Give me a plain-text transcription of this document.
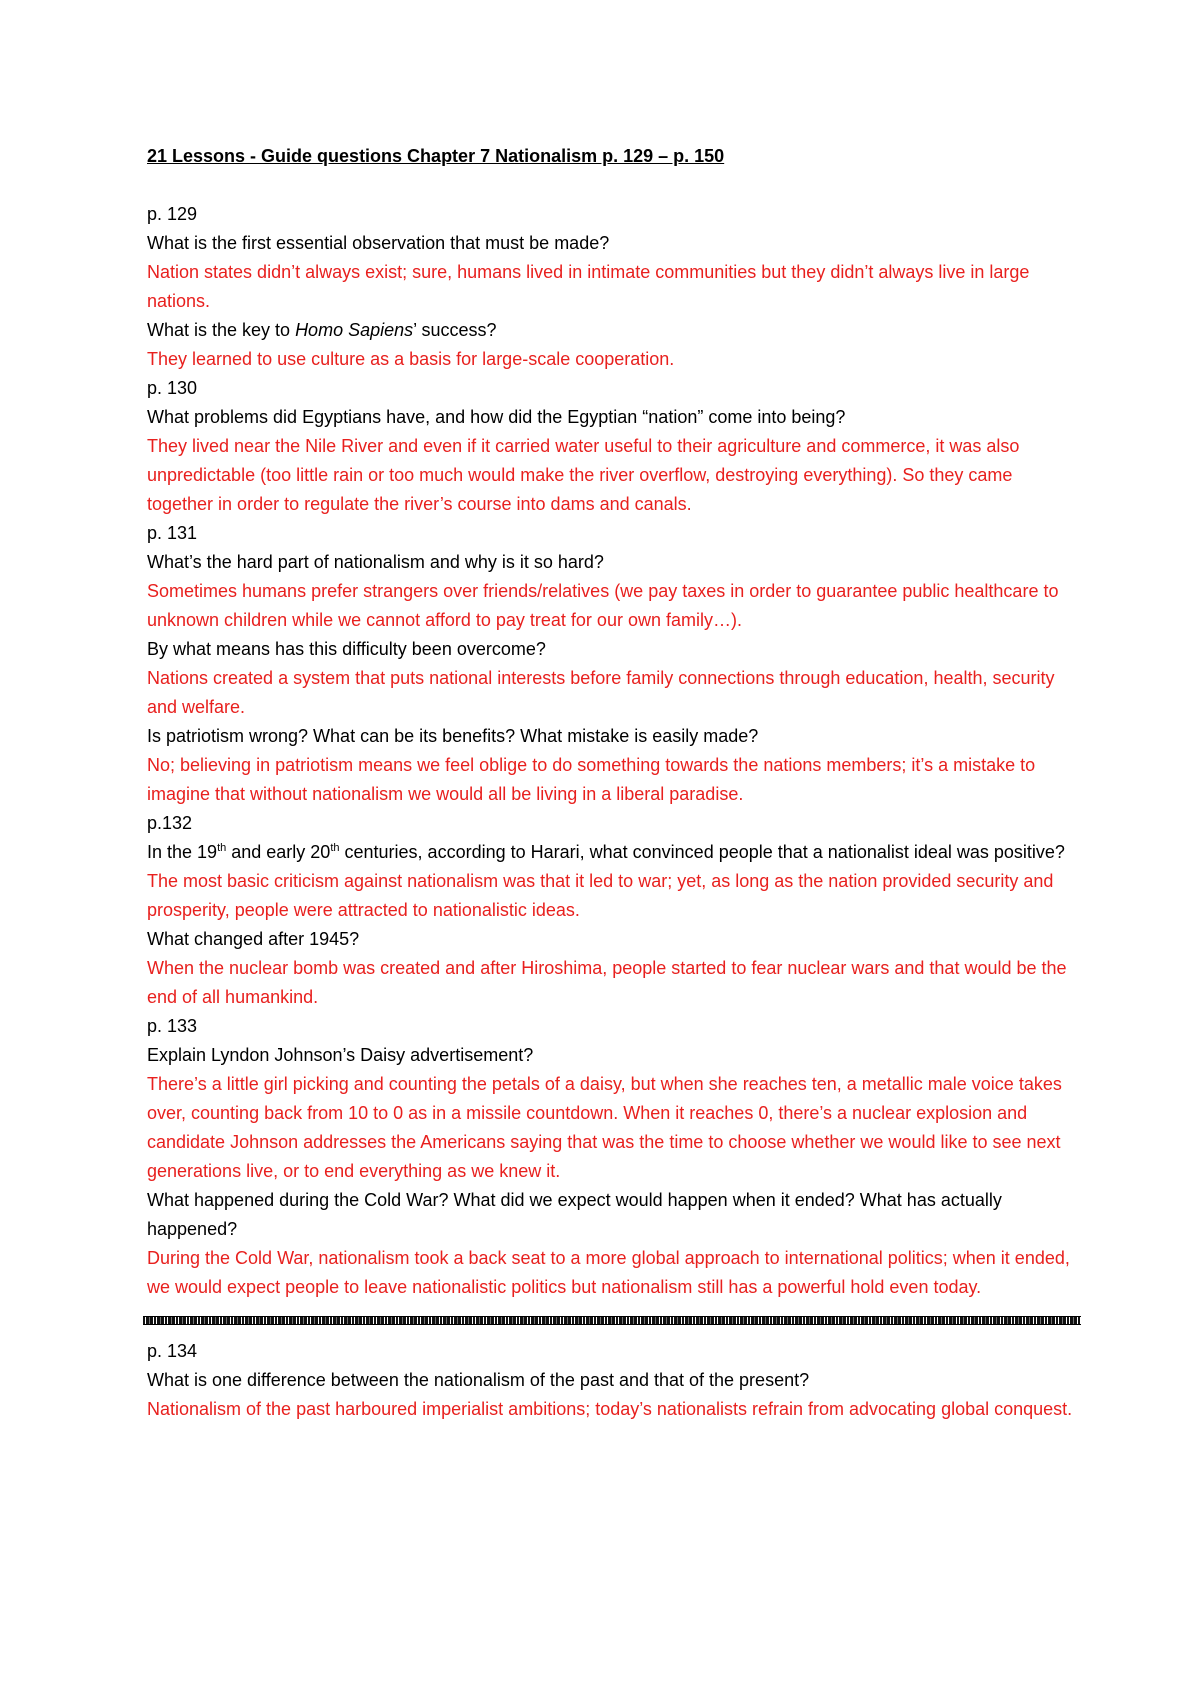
21 Lessons - Guide questions Chapter 7 Nationalism p. 129 – p. 150
p. 129
What is the first essential observation that must be made?
Nation states didn’t always exist; sure, humans lived in intimate communities but they didn’t always live in large nations.
What is the key to Homo Sapiens’ success?
They learned to use culture as a basis for large-scale cooperation.
p. 130
What problems did Egyptians have, and how did the Egyptian “nation” come into being?
They lived near the Nile River and even if it carried water useful to their agriculture and commerce, it was also unpredictable (too little rain or too much would make the river overflow, destroying everything). So they came together in order to regulate the river’s course into dams and canals.
p. 131
What’s the hard part of nationalism and why is it so hard?
Sometimes humans prefer strangers over friends/relatives (we pay taxes in order to guarantee public healthcare to unknown children while we cannot afford to pay treat for our own family…).
By what means has this difficulty been overcome?
Nations created a system that puts national interests before family connections through education, health, security and welfare.
Is patriotism wrong? What can be its benefits? What mistake is easily made?
No; believing in patriotism means we feel oblige to do something towards the nations members; it’s a mistake to imagine that without nationalism we would all be living in a liberal paradise.
p.132
In the 19th and early 20th centuries, according to Harari, what convinced people that a nationalist ideal was positive?
The most basic criticism against nationalism was that it led to war; yet, as long as the nation provided security and prosperity, people were attracted to nationalistic ideas.
What changed after 1945?
When the nuclear bomb was created and after Hiroshima, people started to fear nuclear wars and that would be the end of all humankind.
p. 133
Explain Lyndon Johnson’s Daisy advertisement?
There’s a little girl picking and counting the petals of a daisy, but when she reaches ten, a metallic male voice takes over, counting back from 10 to 0 as in a missile countdown. When it reaches 0, there’s a nuclear explosion and candidate Johnson addresses the Americans saying that was the time to choose whether we would like to see next generations live, or to end everything as we knew it.
What happened during the Cold War? What did we expect would happen when it ended? What has actually happened?
During the Cold War, nationalism took a back seat to a more global approach to international politics; when it ended, we would expect people to leave nationalistic politics but nationalism still has a powerful hold even today.
p. 134
What is one difference between the nationalism of the past and that of the present?
Nationalism of the past harboured imperialist ambitions; today’s nationalists refrain from advocating global conquest.
